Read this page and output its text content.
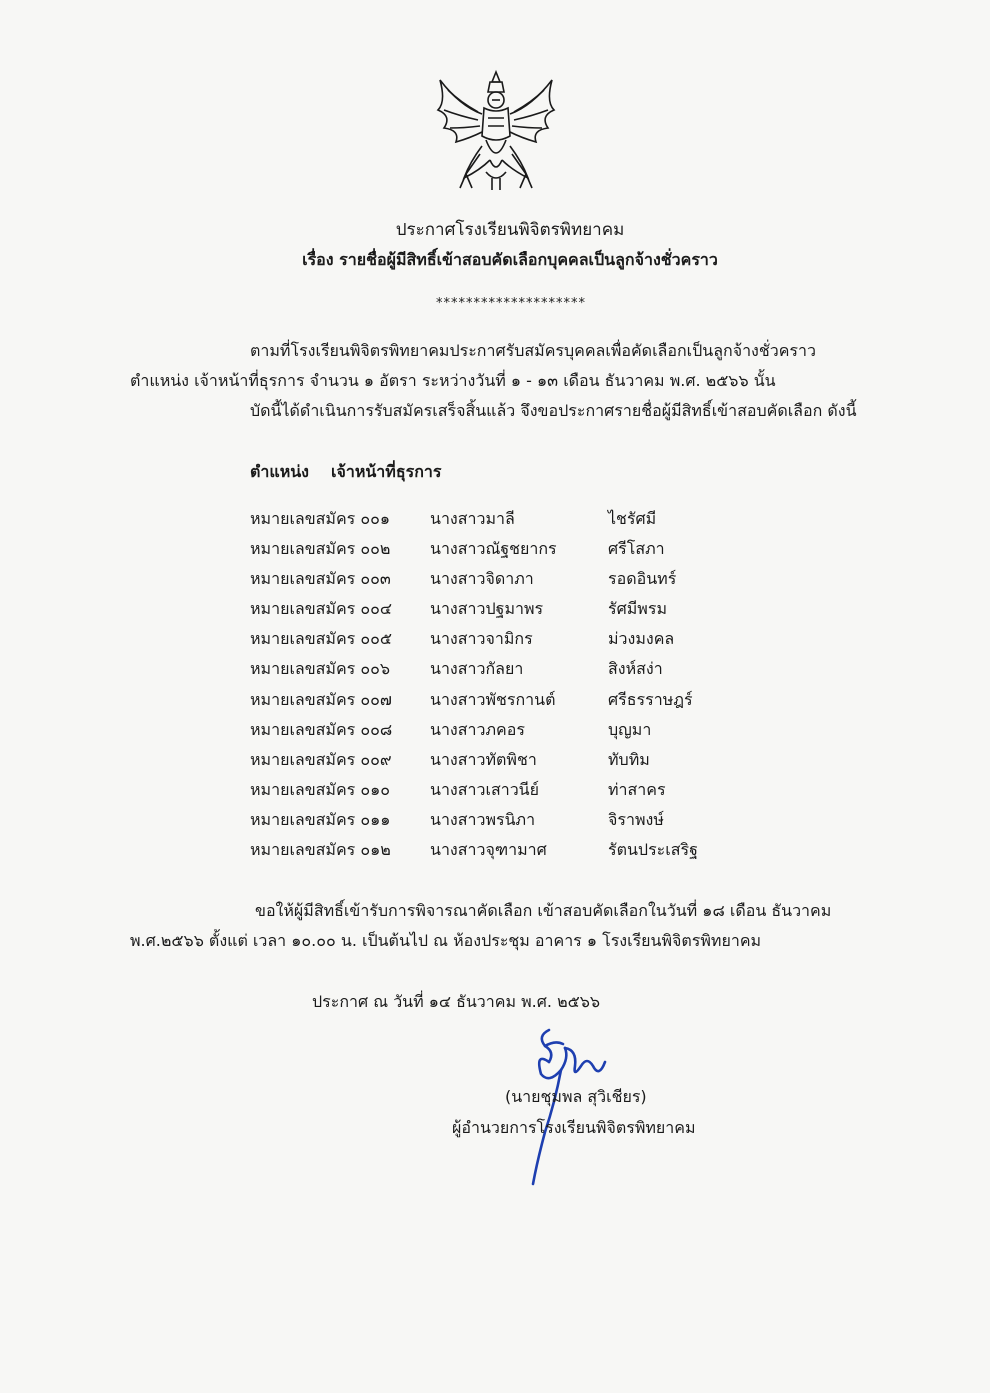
ประกาศโรงเรียนพิจิตรพิทยาคม
เรื่อง รายชื่อผู้มีสิทธิ์เข้าสอบคัดเลือกบุคคลเป็นลูกจ้างชั่วคราว
********************
ตามที่โรงเรียนพิจิตรพิทยาคมประกาศรับสมัครบุคคลเพื่อคัดเลือกเป็นลูกจ้างชั่วคราว
ตำแหน่ง เจ้าหน้าที่ธุรการ จำนวน ๑ อัตรา ระหว่างวันที่ ๑ - ๑๓ เดือน ธันวาคม พ.ศ. ๒๕๖๖ นั้น
บัดนี้ได้ดำเนินการรับสมัครเสร็จสิ้นแล้ว จึงขอประกาศรายชื่อผู้มีสิทธิ์เข้าสอบคัดเลือก ดังนี้
ตำแหน่ง เจ้าหน้าที่ธุรการ
หมายเลขสมัคร ๐๐๑ นางสาวมาลี	ไชรัศมี
หมายเลขสมัคร ๐๐๒ นางสาวณัฐชยากร	ศรีโสภา
หมายเลขสมัคร ๐๐๓ นางสาวจิดาภา	รอดอินทร์
หมายเลขสมัคร ๐๐๔ นางสาวปฐมาพร	รัศมีพรม
หมายเลขสมัคร ๐๐๕ นางสาวจามิกร	ม่วงมงคล
หมายเลขสมัคร ๐๐๖ นางสาวกัลยา	สิงห์สง่า
หมายเลขสมัคร ๐๐๗ นางสาวพัชรกานต์	ศรีธรราษฎร์
หมายเลขสมัคร ๐๐๘ นางสาวภคอร	บุญมา
หมายเลขสมัคร ๐๐๙ นางสาวทัตพิชา	ทับทิม
หมายเลขสมัคร ๐๑๐ นางสาวเสาวนีย์	ท่าสาคร
หมายเลขสมัคร ๐๑๑ นางสาวพรนิภา	จิราพงษ์
หมายเลขสมัคร ๐๑๒ นางสาวจุฑามาศ	รัตนประเสริฐ
ขอให้ผู้มีสิทธิ์เข้ารับการพิจารณาคัดเลือก เข้าสอบคัดเลือกในวันที่ ๑๘ เดือน ธันวาคม
พ.ศ.๒๕๖๖ ตั้งแต่ เวลา ๑๐.๐๐ น. เป็นต้นไป ณ ห้องประชุม อาคาร ๑ โรงเรียนพิจิตรพิทยาคม
ประกาศ ณ วันที่ ๑๔ ธันวาคม พ.ศ. ๒๕๖๖
(นายชุมพล สุวิเชียร)
ผู้อำนวยการโรงเรียนพิจิตรพิทยาคม
